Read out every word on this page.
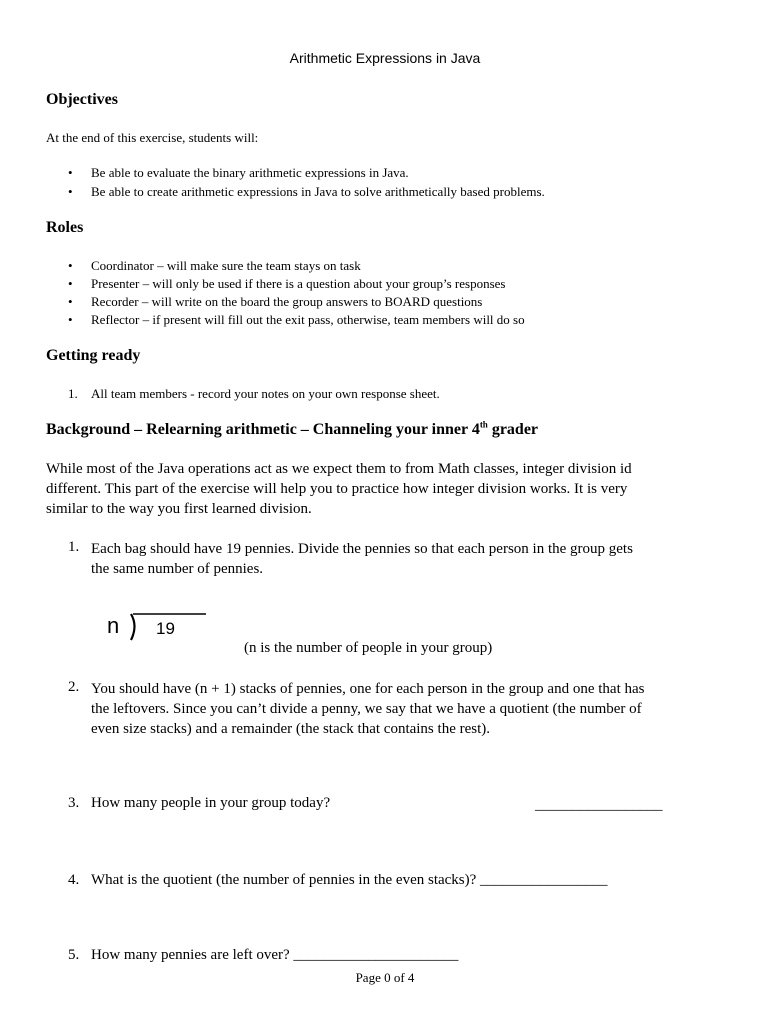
Arithmetic Expressions in Java
Objectives
At the end of this exercise, students will:
• Be able to evaluate the binary arithmetic expressions in Java.
• Be able to create arithmetic expressions in Java to solve arithmetically based problems.
Roles
• Coordinator – will make sure the team stays on task
• Presenter – will only be used if there is a question about your group’s responses
• Recorder – will write on the board the group answers to BOARD questions
• Reflector – if present will fill out the exit pass, otherwise, team members will do so
Getting ready
1. All team members - record your notes on your own response sheet.
Background – Relearning arithmetic – Channeling your inner 4th grader
While most of the Java operations act as we expect them to from Math classes, integer division id
different. This part of the exercise will help you to practice how integer division works. It is very
similar to the way you first learned division.
1. Each bag should have 19 pennies. Divide the pennies so that each person in the group gets
the same number of pennies.
n 19
(n is the number of people in your group)
2. You should have (n + 1) stacks of pennies, one for each person in the group and one that has
the leftovers. Since you can’t divide a penny, we say that we have a quotient (the number of
even size stacks) and a remainder (the stack that contains the rest).
3. How many people in your group today?	_________________
4. What is the quotient (the number of pennies in the even stacks)? _________________
5. How many pennies are left over? ______________________
Page 0 of 4
